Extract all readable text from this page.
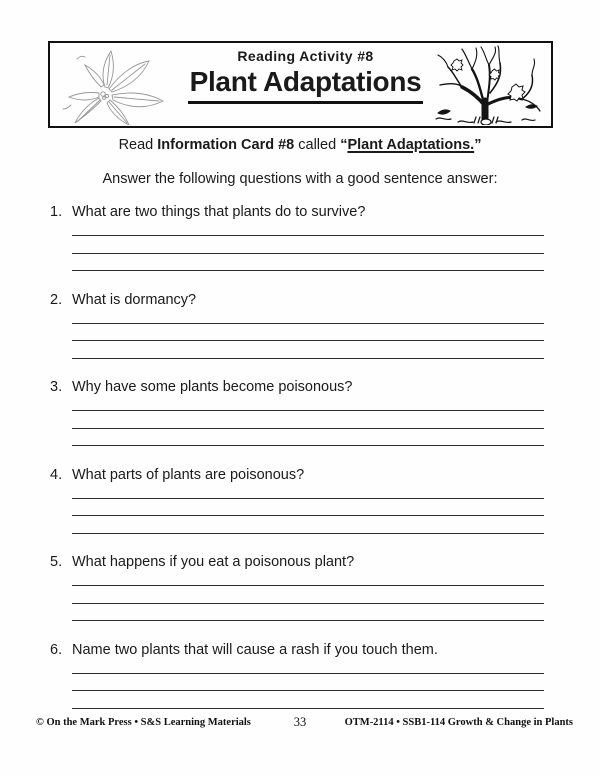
Reading Activity #8
Plant Adaptations

Read Information Card #8 called “Plant Adaptations.”

Answer the following questions with a good sentence answer:

1. What are two things that plants do to survive?
2. What is dormancy?
3. Why have some plants become poisonous?
4. What parts of plants are poisonous?
5. What happens if you eat a poisonous plant?
6. Name two plants that will cause a rash if you touch them.
33
© On the Mark Press • S&S Learning Materials	OTM-2114 • SSB1-114 Growth & Change in Plants
